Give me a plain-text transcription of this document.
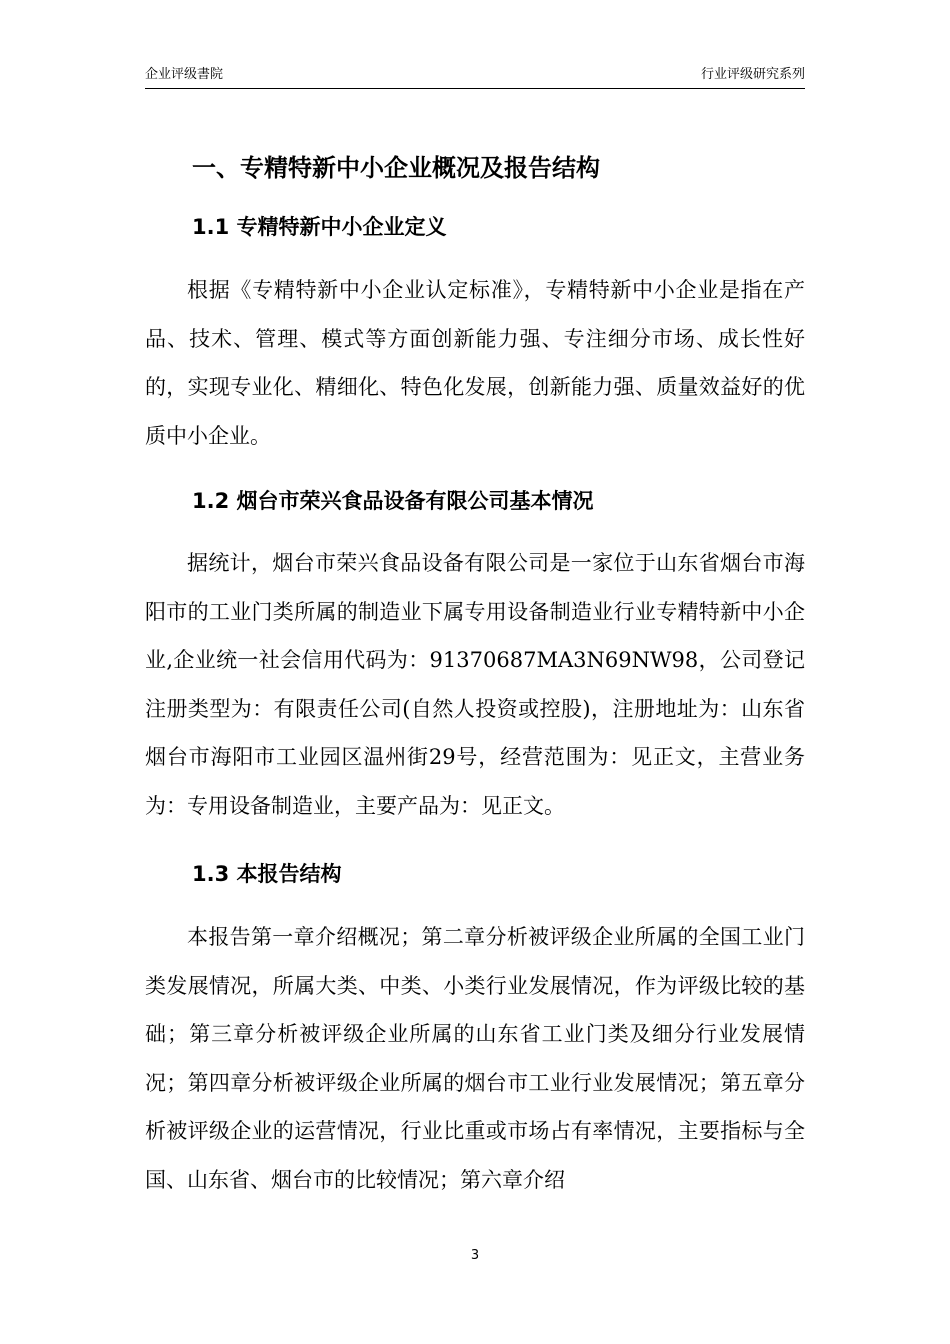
企业评级書院	行业评级研究系列
一、专精特新中小企业概况及报告结构
1.1 专精特新中小企业定义

根据《专精特新中小企业认定标准》，专精特新中小企业是指在产品、技术、管理、模式等方面创新能力强、专注细分市场、成长性好的，实现专业化、精细化、特色化发展，创新能力强、质量效益好的优质中小企业。

1.2 烟台市荣兴食品设备有限公司基本情况

据统计，烟台市荣兴食品设备有限公司是一家位于山东省烟台市海阳市的工业门类所属的制造业下属专用设备制造业行业专精特新中小企业,企业统一社会信用代码为：91370687MA3N69NW98，公司登记注册类型为：有限责任公司(自然人投资或控股)，注册地址为：山东省烟台市海阳市工业园区温州街29号，经营范围为：见正文，主营业务为：专用设备制造业，主要产品为：见正文。

1.3 本报告结构

本报告第一章介绍概况；第二章分析被评级企业所属的全国工业门类发展情况，所属大类、中类、小类行业发展情况，作为评级比较的基础；第三章分析被评级企业所属的山东省工业门类及细分行业发展情况；第四章分析被评级企业所属的烟台市工业行业发展情况；第五章分析被评级企业的运营情况，行业比重或市场占有率情况，主要指标与全国、山东省、烟台市的比较情况；第六章介绍

3
